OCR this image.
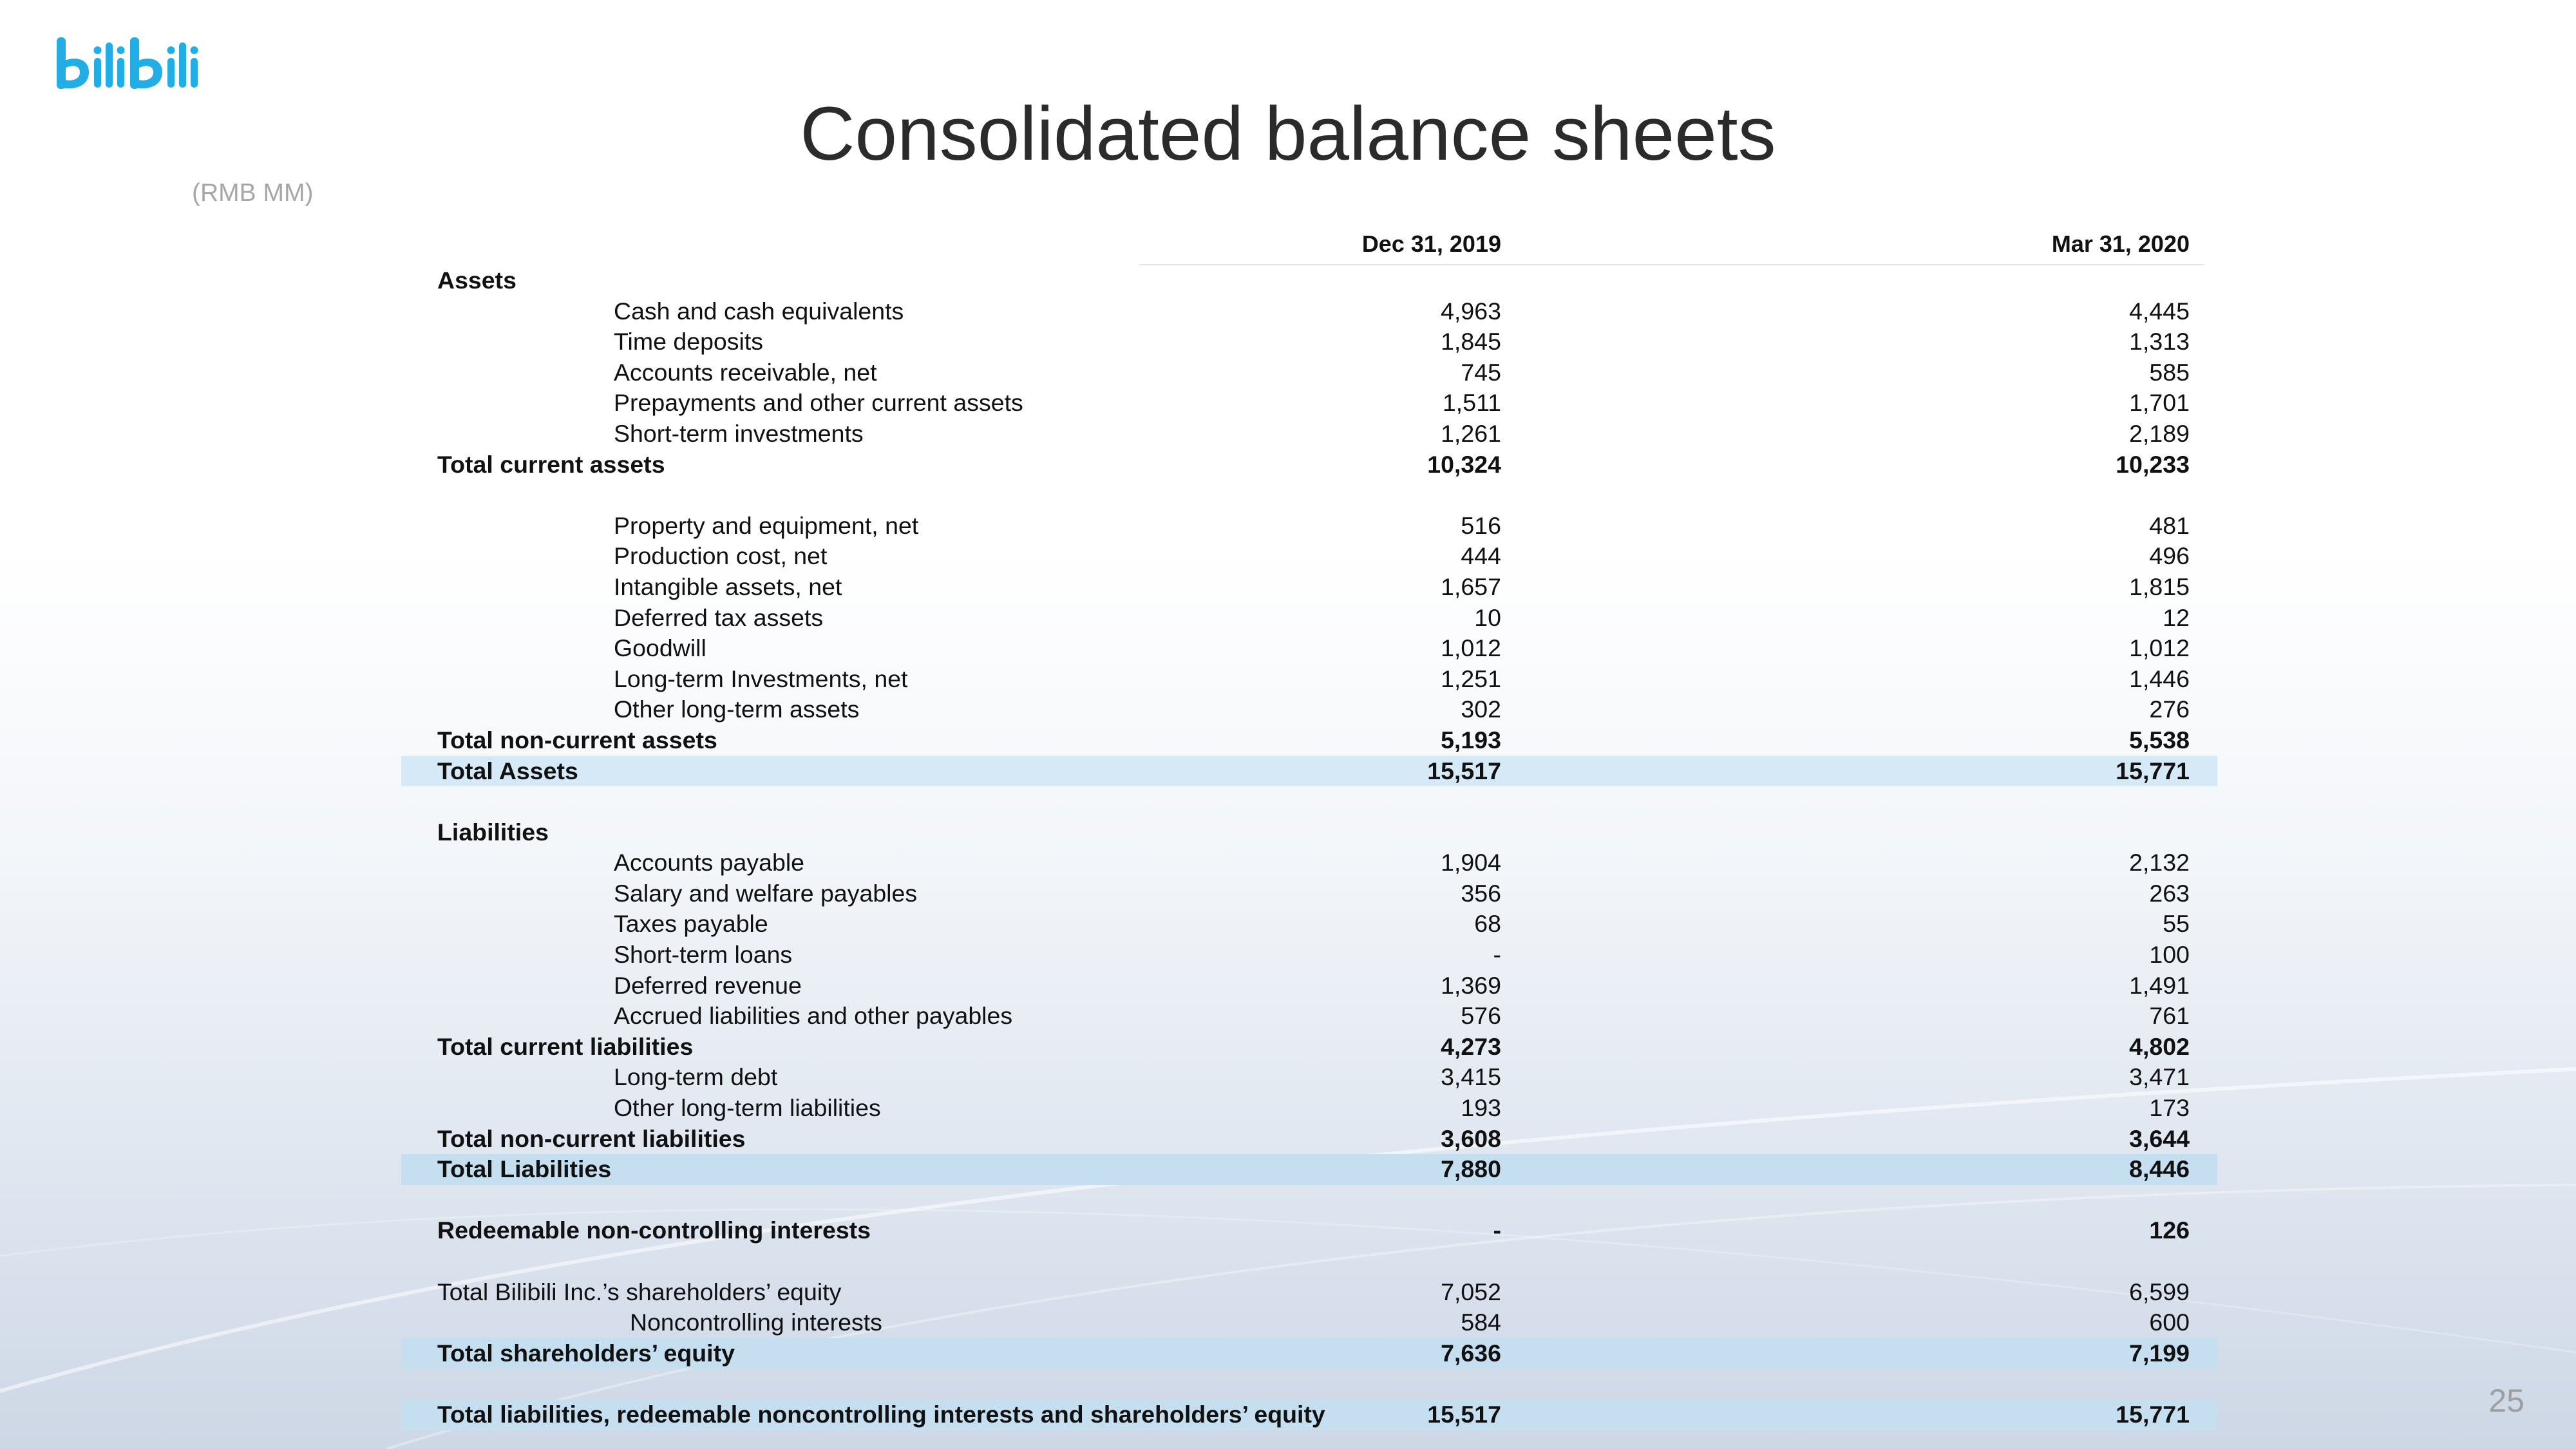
Consolidated balance sheets
(RMB MM)
Dec 31, 2019	Mar 31, 2020
Assets
Cash and cash equivalents	4,963	4,445
Time deposits	1,845	1,313
Accounts receivable, net	745	585
Prepayments and other current assets	1,511	1,701
Short-term investments	1,261	2,189
Total current assets	10,324	10,233
Property and equipment, net	516	481
Production cost, net	444	496
Intangible assets, net	1,657	1,815
Deferred tax assets	10	12
Goodwill	1,012	1,012
Long-term Investments, net	1,251	1,446
Other long-term assets	302	276
Total non-current assets	5,193	5,538
Total Assets	15,517	15,771
Liabilities
Accounts payable	1,904	2,132
Salary and welfare payables	356	263
Taxes payable	68	55
Short-term loans	-	100
Deferred revenue	1,369	1,491
Accrued liabilities and other payables	576	761
Total current liabilities	4,273	4,802
Long-term debt	3,415	3,471
Other long-term liabilities	193	173
Total non-current liabilities	3,608	3,644
Total Liabilities	7,880	8,446
Redeemable non-controlling interests	-	126
Total Bilibili Inc.’s shareholders’ equity	7,052	6,599
Noncontrolling interests	584	600
Total shareholders’ equity	7,636	7,199
Total liabilities, redeemable noncontrolling interests and shareholders’ equity	15,517	15,771	25
